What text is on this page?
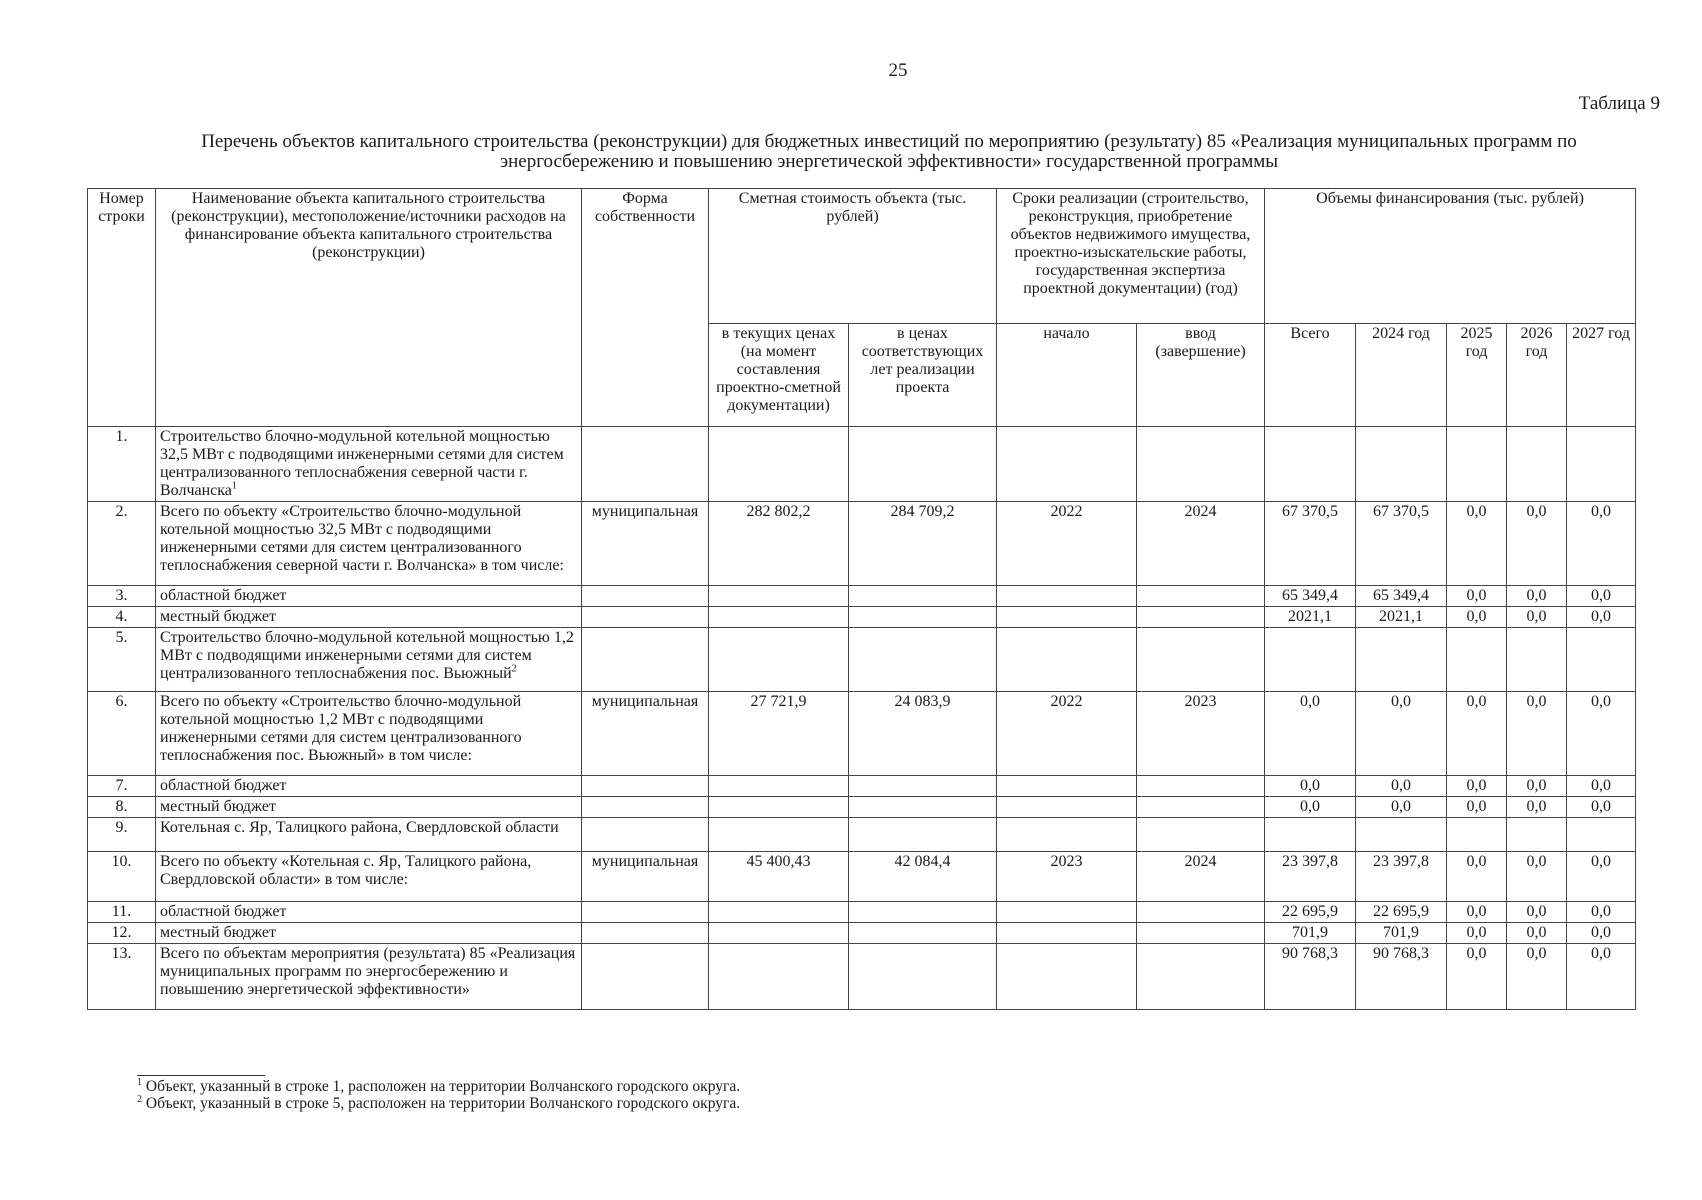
25
Таблица 9
Перечень объектов капитального строительства (реконструкции) для бюджетных инвестиций по мероприятию (результату) 85 «Реализация муниципальных программ по
энергосбережению и повышению энергетической эффективности» государственной программы
Номер строки	Наименование объекта капитального строительства (реконструкции), местоположение/источники расходов на финансирование объекта капитального строительства (реконструкции)	Форма собственности	Сметная стоимость объекта (тыс. рублей)		Сроки реализации (строительство, реконструкция, приобретение объектов недвижимого имущества, проектно-изыскательские работы, государственная экспертиза проектной документации) (год)		Объемы финансирования (тыс. рублей)				
			в текущих ценах (на момент составления проектно-сметной документации)	в ценах соответствующих лет реализации проекта	начало	ввод (завершение)	Всего	2024 год	2025 год	2026 год	2027 год
1.	Строительство блочно-модульной котельной мощностью 32,5 МВт с подводящими инженерными сетями для систем централизованного теплоснабжения северной части г. Волчанска$^1$										
2.	Всего по объекту «Строительство блочно-модульной котельной мощностью 32,5 МВт с подводящими инженерными сетями для систем централизованного теплоснабжения северной части г. Волчанска» в том числе:	муниципальная	282 802,2	284 709,2	2022	2024	67 370,5	67 370,5	0,0	0,0	0,0
3.	областной бюджет						65 349,4	65 349,4	0,0	0,0	0,0
4.	местный бюджет						2021,1	2021,1	0,0	0,0	0,0
5.	Строительство блочно-модульной котельной мощностью 1,2 МВт с подводящими инженерными сетями для систем централизованного теплоснабжения пос. Вьюжный$^2$										
6.	Всего по объекту «Строительство блочно-модульной котельной мощностью 1,2 МВт с подводящими инженерными сетями для систем централизованного теплоснабжения пос. Вьюжный» в том числе:	муниципальная	27 721,9	24 083,9	2022	2023	0,0	0,0	0,0	0,0	0,0
7.	областной бюджет						0,0	0,0	0,0	0,0	0,0
8.	местный бюджет						0,0	0,0	0,0	0,0	0,0
9.	Котельная с. Яр, Талицкого района, Свердловской области										
10.	Всего по объекту «Котельная с. Яр, Талицкого района, Свердловской области» в том числе:	муниципальная	45 400,43	42 084,4	2023	2024	23 397,8	23 397,8	0,0	0,0	0,0
11.	областной бюджет						22 695,9	22 695,9	0,0	0,0	0,0
12.	местный бюджет						701,9	701,9	0,0	0,0	0,0
13.	Всего по объектам мероприятия (результата) 85 «Реализация муниципальных программ по энергосбережению и повышению энергетической эффективности»						90 768,3	90 768,3	0,0	0,0	0,0
$^1$ Объект, указанный в строке 1, расположен на территории Волчанского городского округа.
$^2$ Объект, указанный в строке 5, расположен на территории Волчанского городского округа.
